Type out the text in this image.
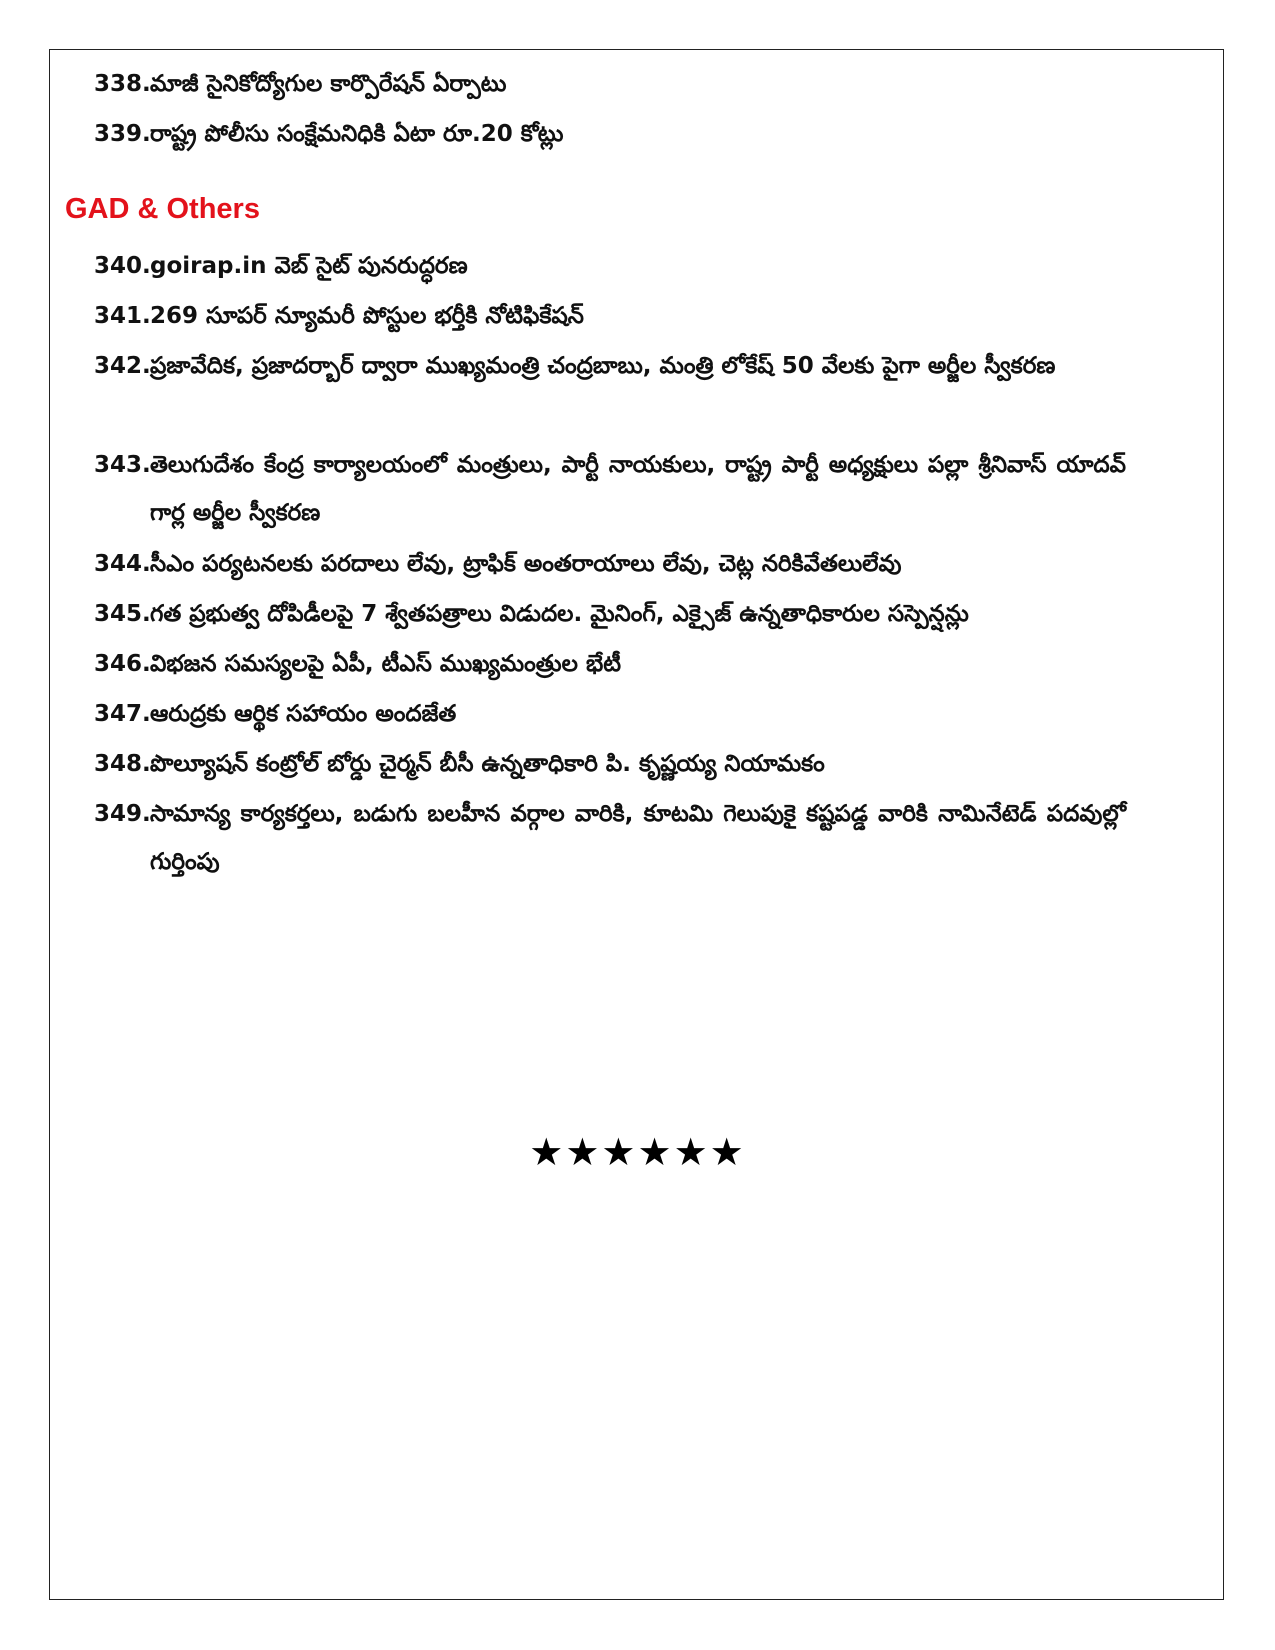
338. మాజీ సైనికోద్యోగుల కార్పొరేషన్ ఏర్పాటు
339. రాష్ట్ర పోలీసు సంక్షేమనిధికి ఏటా రూ.20 కోట్లు
GAD & Others
340. goirap.in వెబ్ సైట్ పునరుద్ధరణ
341. 269 సూపర్ న్యూమరీ పోస్టుల భర్తీకి నోటిఫికేషన్
342. ప్రజావేదిక, ప్రజాదర్బార్ ద్వారా ముఖ్యమంత్రి చంద్రబాబు, మంత్రి లోకేష్ 50 వేలకు పైగా అర్జీల స్వీకరణ
343. తెలుగుదేశం కేంద్ర కార్యాలయంలో మంత్రులు, పార్టీ నాయకులు, రాష్ట్ర పార్టీ అధ్యక్షులు పల్లా శ్రీనివాస్ యాదవ్ గార్ల అర్జీల స్వీకరణ
344. సీఎం పర్యటనలకు పరదాలు లేవు, ట్రాఫిక్ అంతరాయాలు లేవు, చెట్ల నరికివేతలులేవు
345. గత ప్రభుత్వ దోపిడీలపై 7 శ్వేతపత్రాలు విడుదల. మైనింగ్, ఎక్సైజ్ ఉన్నతాధికారుల సస్పెన్షన్లు
346. విభజన సమస్యలపై ఏపీ, టీఎస్ ముఖ్యమంత్రుల భేటీ
347. ఆరుద్రకు ఆర్థిక సహాయం అందజేత
348. పొల్యూషన్ కంట్రోల్ బోర్డు చైర్మన్ బీసీ ఉన్నతాధికారి పి. కృష్ణయ్య నియామకం
349. సామాన్య కార్యకర్తలు, బడుగు బలహీన వర్గాల వారికి, కూటమి గెలుపుకై కష్టపడ్డ వారికి నామినేటెడ్ పదవుల్లో గుర్తింపు
★★★★★★
